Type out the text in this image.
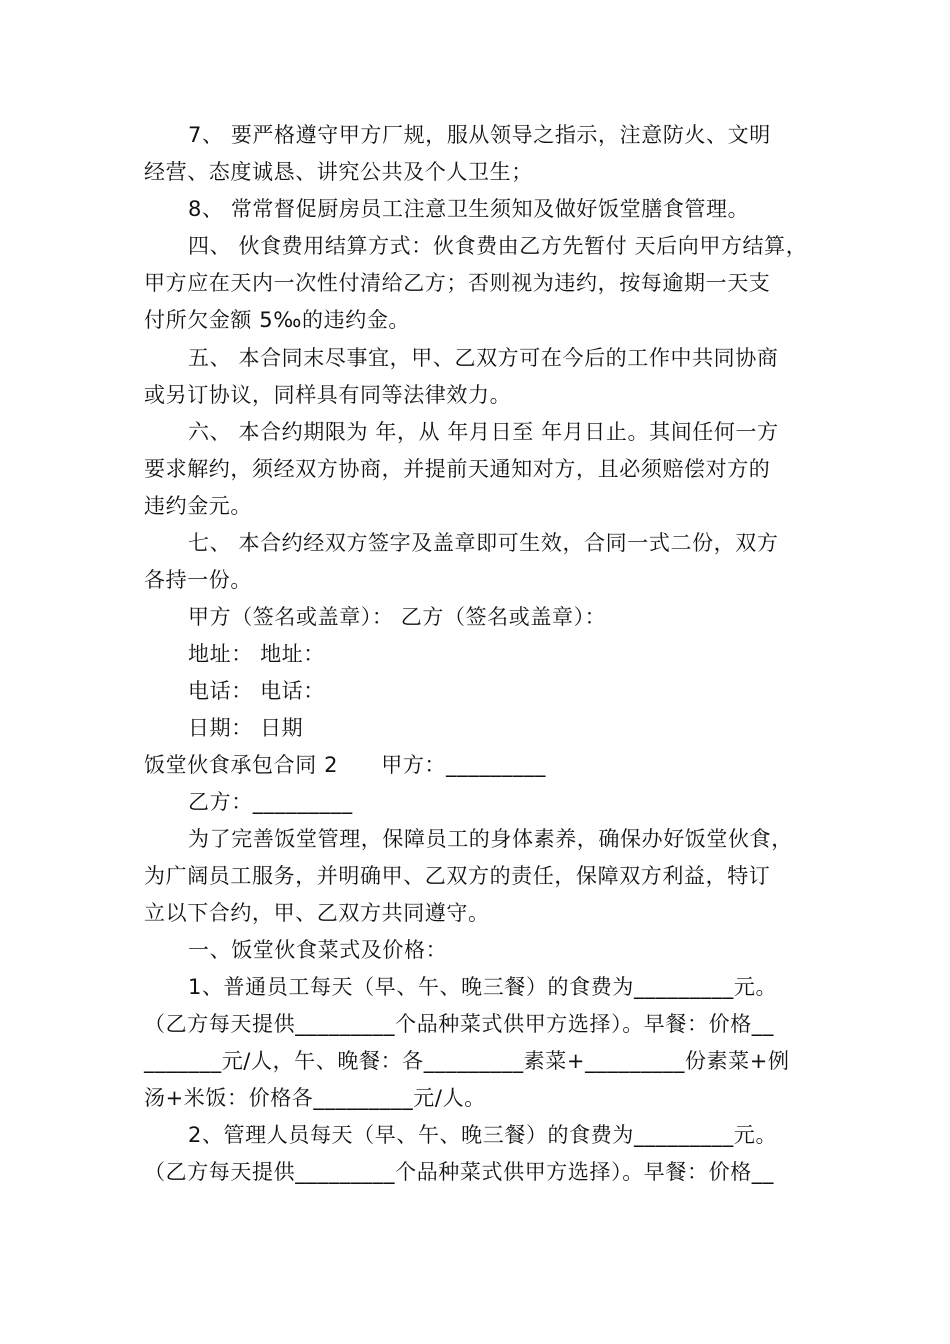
7、 要严格遵守甲方厂规，服从领导之指示，注意防火、文明
经营、态度诚恳、讲究公共及个人卫生；
8、 常常督促厨房员工注意卫生须知及做好饭堂膳食管理。
四、 伙食费用结算方式：伙食费由乙方先暂付 天后向甲方结算，
甲方应在天内一次性付清给乙方；否则视为违约，按每逾期一天支
付所欠金额 5‰的违约金。
五、 本合同末尽事宜，甲、乙双方可在今后的工作中共同协商
或另订协议，同样具有同等法律效力。
六、 本合约期限为 年，从 年月日至 年月日止。其间任何一方
要求解约，须经双方协商，并提前天通知对方，且必须赔偿对方的
违约金元。
七、 本合约经双方签字及盖章即可生效，合同一式二份，双方
各持一份。
甲方（签名或盖章）： 乙方（签名或盖章）：
地址： 地址：
电话： 电话：
日期： 日期
饭堂伙食承包合同 2　　甲方：_________
乙方：_________
为了完善饭堂管理，保障员工的身体素养，确保办好饭堂伙食，
为广阔员工服务，并明确甲、乙双方的责任，保障双方利益，特订
立以下合约，甲、乙双方共同遵守。
一、饭堂伙食菜式及价格：
1、普通员工每天（早、午、晚三餐）的食费为_________元。
（乙方每天提供_________个品种菜式供甲方选择）。早餐：价格__
_______元/人，午、晚餐：各_________素菜+_________份素菜+例
汤+米饭：价格各_________元/人。
2、管理人员每天（早、午、晚三餐）的食费为_________元。
（乙方每天提供_________个品种菜式供甲方选择）。早餐：价格__
